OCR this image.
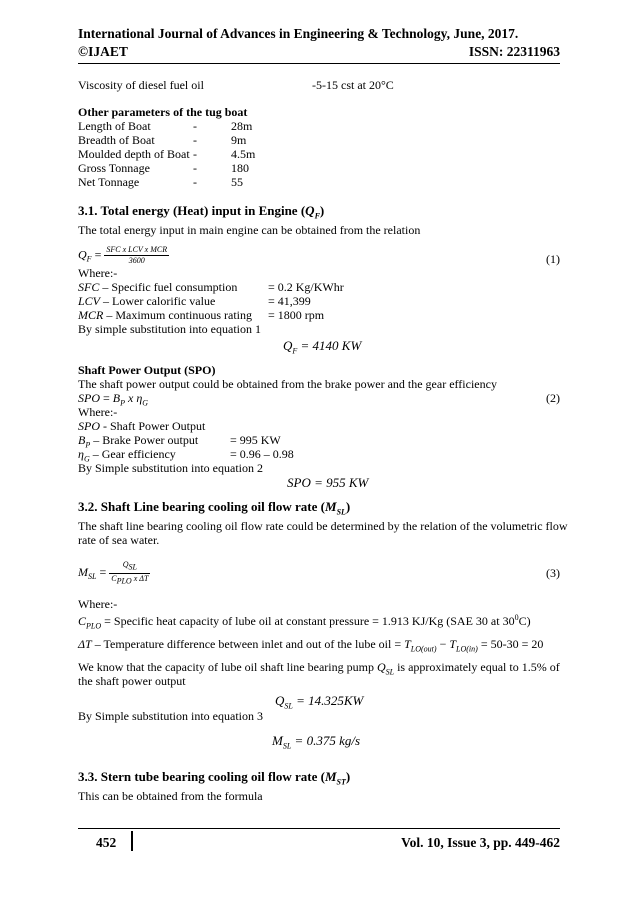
International Journal of Advances in Engineering & Technology, June, 2017.
©IJAET	ISSN: 22311963
Viscosity of diesel fuel oil	-5-15 cst at 20°C
Other parameters of the tug boat
Length of Boat	-	28m
Breadth of Boat	-	9m
Moulded depth of Boat -	4.5m
Gross Tonnage	-	180
Net Tonnage	-	55
3.1. Total energy (Heat) input in Engine $(Q_F)$
The total energy input in main engine can be obtained from the relation
$Q_F = \frac{\text{SFC x LCV x MCR}}{3600}$	(1)
Where:-
SFC – Specific fuel consumption	= 0.2 Kg/KWhr
LCV – Lower calorific value	= 41,399
MCR – Maximum continuous rating = 1800 rpm
By simple substitution into equation 1
$Q_F = 4140$ KW
Shaft Power Output (SPO)
The shaft power output could be obtained from the brake power and the gear efficiency
SPO = $B_P$ x $\eta_G$	(2)
Where:-
SPO - Shaft Power Output
$B_P$ – Brake Power output	= 995 KW
$\eta_G$ – Gear efficiency	= 0.96 – 0.98
By Simple substitution into equation 2
SPO = 955 KW
3.2. Shaft Line bearing cooling oil flow rate $(M_{SL})$
The shaft line bearing cooling oil flow rate could be determined by the relation of the volumetric flow
rate of sea water.
$M_{SL} = \frac{Q_{SL}}{C_{PLO} x \Delta T}$	(3)
Where:-
$C_{PLO}$ = Specific heat capacity of lube oil at constant pressure = 1.913 KJ/Kg (SAE 30 at $30^0C$)
ΔT – Temperature difference between inlet and out of the lube oil = $T_{LO(out)} - T_{LO(in)} = 50-30 = 20$
We know that the capacity of lube oil shaft line bearing pump $Q_{SL}$ is approximately equal to 1.5% of
the shaft power output
$Q_{SL} = 14.325KW$
By Simple substitution into equation 3
$M_{SL} = 0.375$ kg/s
3.3. Stern tube bearing cooling oil flow rate $(M_{ST})$
This can be obtained from the formula
452	Vol. 10, Issue 3, pp. 449-462
